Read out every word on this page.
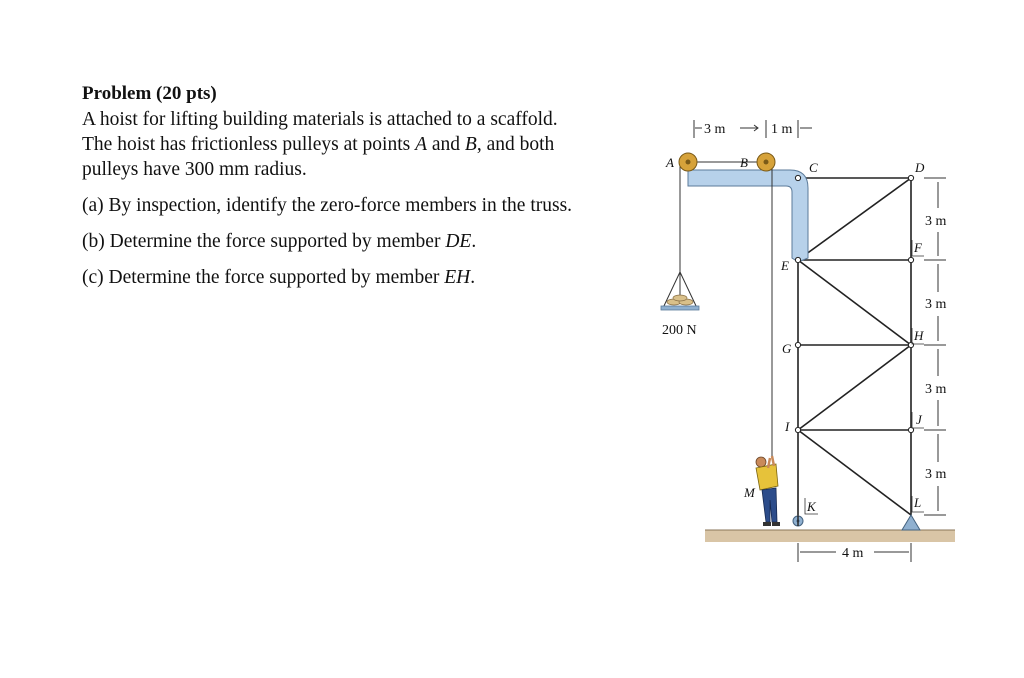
Problem (20 pts)
A hoist for lifting building materials is attached to a scaffold.
The hoist has frictionless pulleys at points A and B, and both
pulleys have 300 mm radius.
(a) By inspection, identify the zero-force members in the truss.
(b) Determine the force supported by member DE.
(c) Determine the force supported by member EH.
3 m	1 m
3 m
3 m
3 m
3 m
4 m
200 N
A	B	C	D
E
F
G
H
I	J
K	L
M
